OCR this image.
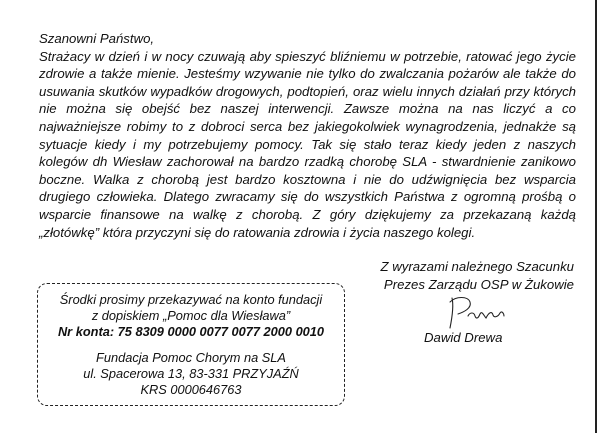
Szanowni Państwo,
Strażacy w dzień i w nocy czuwają aby spieszyć bliźniemu w potrzebie, ratować jego życie zdrowie a także mienie. Jesteśmy wzywanie nie tylko do zwalczania pożarów ale także do usuwania skutków wypadków drogowych, podtopień, oraz wielu innych działań przy których nie można się obejść bez naszej interwencji. Zawsze można na nas liczyć a co najważniejsze robimy to z dobroci serca bez jakiegokolwiek wynagrodzenia, jednakże są sytuacje kiedy i my potrzebujemy pomocy. Tak się stało teraz kiedy jeden z naszych kolegów dh Wiesław zachorował na bardzo rzadką chorobę SLA - stwardnienie zanikowo boczne. Walka z chorobą jest bardzo kosztowna i nie do udźwignięcia bez wsparcia drugiego człowieka. Dlatego zwracamy się do wszystkich Państwa z ogromną prośbą o wsparcie finansowe na walkę z chorobą. Z góry dziękujemy za przekazaną każdą „złotówkę” która przyczyni się do ratowania zdrowia i życia naszego kolegi.

Z wyrazami należnego Szacunku
Prezes Zarządu OSP w Żukowie
Dawid Drewa
Środki prosimy przekazywać na konto fundacji
z dopiskiem „Pomoc dla Wiesława”
Nr konta: 75 8309 0000 0077 0077 2000 0010
Fundacja Pomoc Chorym na SLA
ul. Spacerowa 13, 83-331 PRZYJAŹŃ
KRS 0000646763
